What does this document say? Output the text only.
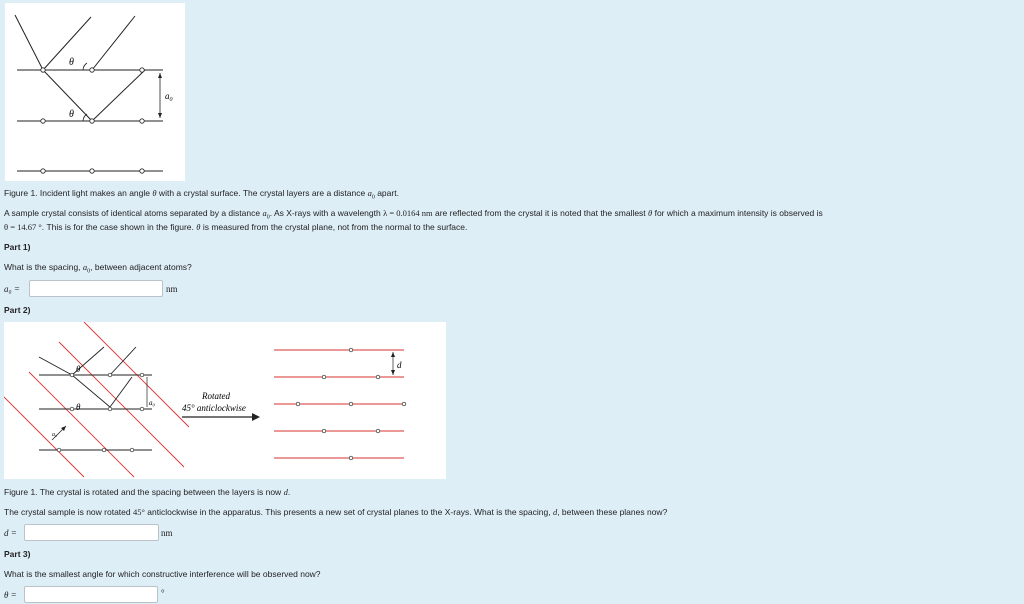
θ
θ
$a_0$
Figure 1. Incident light makes an angle θ with a crystal surface. The crystal layers are a distance $a_0$ apart.
A sample crystal consists of identical atoms separated by a distance $a_0$. As X-rays with a wavelength λ = 0.0164 nm are reflected from the crystal it is noted that the smallest θ for which a maximum intensity is observed is
θ = 14.67 °. This is for the case shown in the figure. θ is measured from the crystal plane, not from the normal to the surface.
Part 1)
What is the spacing, $a_0$, between adjacent atoms?
a₀ =	nm
Part 2)
θ
θ	a₀
a₀
Rotated
45° anticlockwise
d
Figure 1. The crystal is rotated and the spacing between the layers is now d.
The crystal sample is now rotated 45° anticlockwise in the apparatus. This presents a new set of crystal planes to the X-rays. What is the spacing, d, between these planes now?
d =	nm
Part 3)
What is the smallest angle for which constructive interference will be observed now?
θ =	°
